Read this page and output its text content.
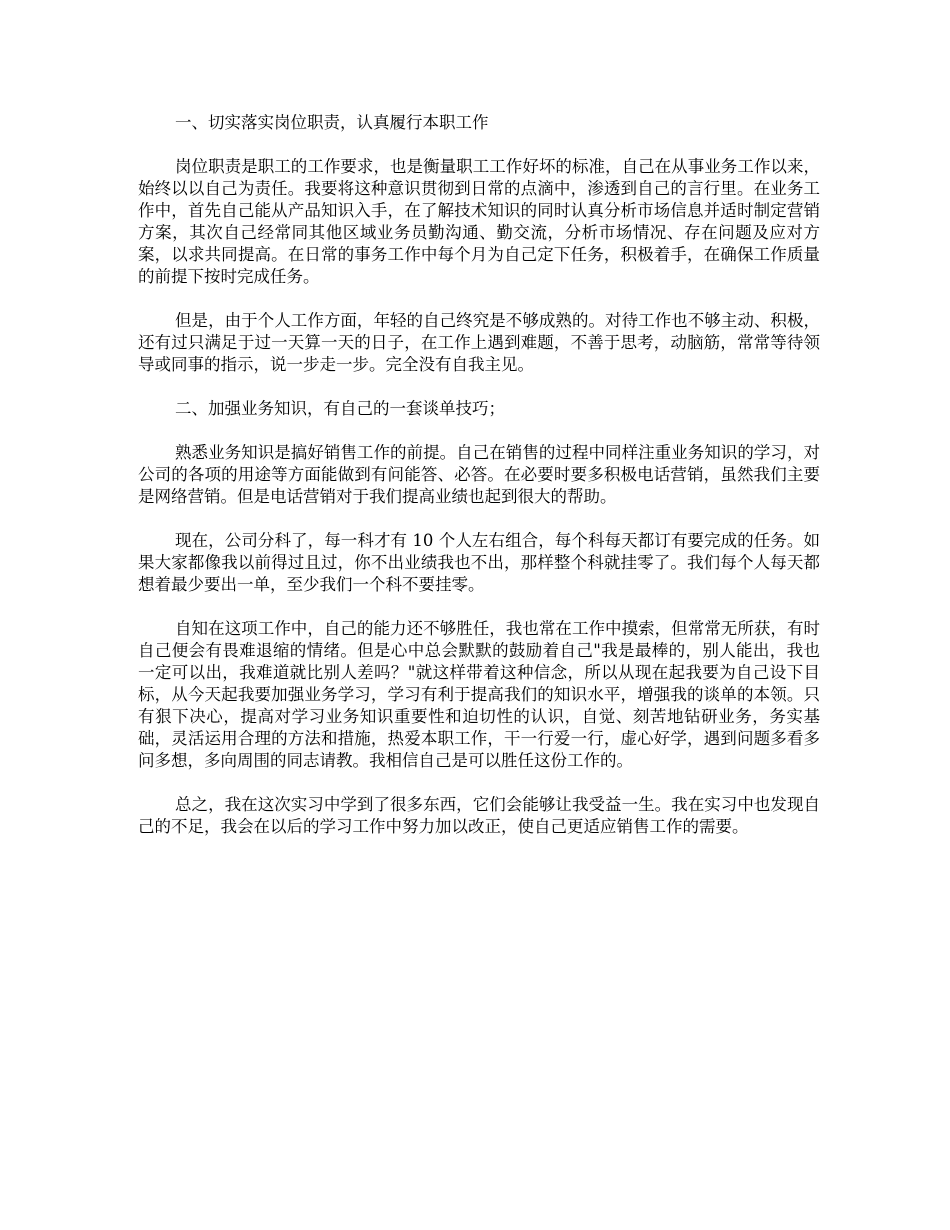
一、切实落实岗位职责，认真履行本职工作

岗位职责是职工的工作要求，也是衡量职工工作好坏的标准，自己在从事业务工作以来，始终以以自己为责任。我要将这种意识贯彻到日常的点滴中，渗透到自己的言行里。在业务工作中，首先自己能从产品知识入手，在了解技术知识的同时认真分析市场信息并适时制定营销方案，其次自己经常同其他区域业务员勤沟通、勤交流，分析市场情况、存在问题及应对方案，以求共同提高。在日常的事务工作中每个月为自己定下任务，积极着手，在确保工作质量的前提下按时完成任务。

但是，由于个人工作方面，年轻的自己终究是不够成熟的。对待工作也不够主动、积极，还有过只满足于过一天算一天的日子，在工作上遇到难题，不善于思考，动脑筋，常常等待领导或同事的指示，说一步走一步。完全没有自我主见。

二、加强业务知识，有自己的一套谈单技巧；

熟悉业务知识是搞好销售工作的前提。自己在销售的过程中同样注重业务知识的学习，对公司的各项的用途等方面能做到有问能答、必答。在必要时要多积极电话营销，虽然我们主要是网络营销。但是电话营销对于我们提高业绩也起到很大的帮助。

现在，公司分科了，每一科才有 10 个人左右组合，每个科每天都订有要完成的任务。如果大家都像我以前得过且过，你不出业绩我也不出，那样整个科就挂零了。我们每个人每天都想着最少要出一单，至少我们一个科不要挂零。

自知在这项工作中，自己的能力还不够胜任，我也常在工作中摸索，但常常无所获，有时自己便会有畏难退缩的情绪。但是心中总会默默的鼓励着自己"我是最棒的，别人能出，我也一定可以出，我难道就比别人差吗？"就这样带着这种信念，所以从现在起我要为自己设下目标，从今天起我要加强业务学习，学习有利于提高我们的知识水平，增强我的谈单的本领。只有狠下决心，提高对学习业务知识重要性和迫切性的认识，自觉、刻苦地钻研业务，务实基础，灵活运用合理的方法和措施，热爱本职工作，干一行爱一行，虚心好学，遇到问题多看多问多想，多向周围的同志请教。我相信自己是可以胜任这份工作的。

总之，我在这次实习中学到了很多东西，它们会能够让我受益一生。我在实习中也发现自己的不足，我会在以后的学习工作中努力加以改正，使自己更适应销售工作的需要。
